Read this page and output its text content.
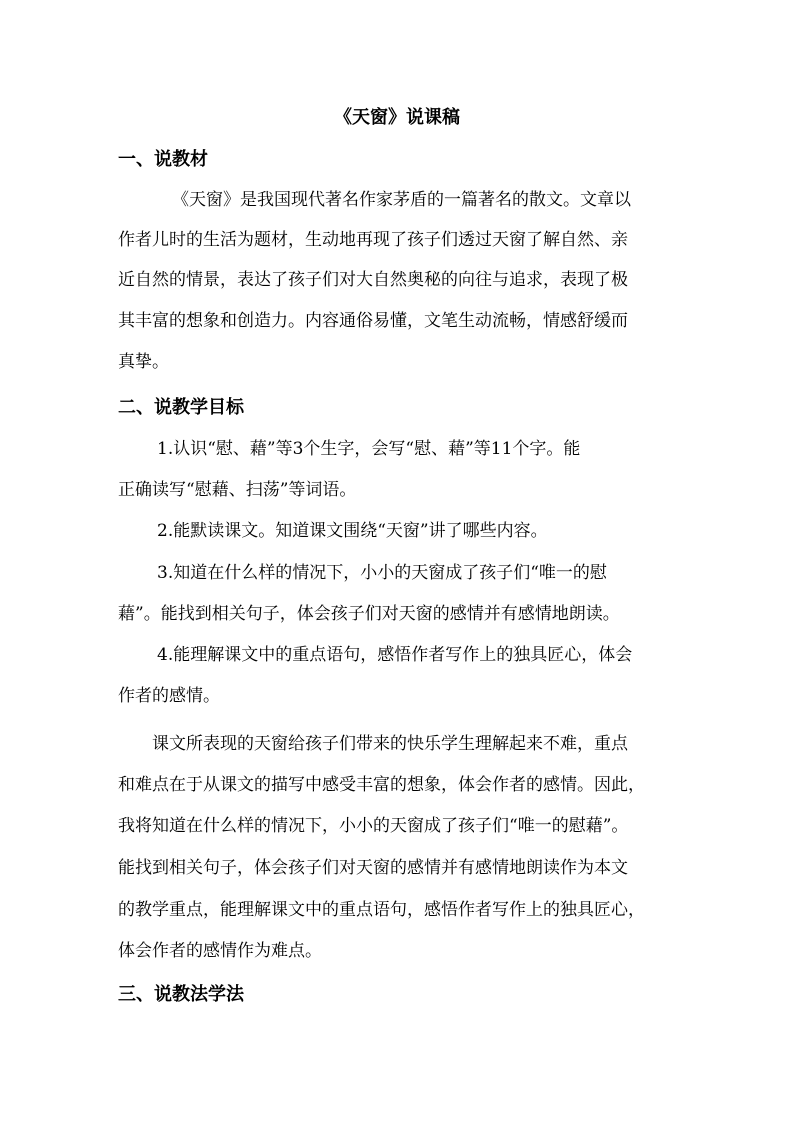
《天窗》说课稿
一、说教材
《天窗》是我国现代著名作家茅盾的一篇著名的散文。文章以
作者儿时的生活为题材，生动地再现了孩子们透过天窗了解自然、亲
近自然的情景，表达了孩子们对大自然奥秘的向往与追求，表现了极
其丰富的想象和创造力。内容通俗易懂，文笔生动流畅，情感舒缓而
真挚。
二、说教学目标
1.认识“慰、藉”等3个生字，会写“慰、藉”等11个字。能
正确读写“慰藉、扫荡”等词语。
2.能默读课文。知道课文围绕“天窗”讲了哪些内容。
3.知道在什么样的情况下，小小的天窗成了孩子们“唯一的慰
藉”。能找到相关句子，体会孩子们对天窗的感情并有感情地朗读。
4.能理解课文中的重点语句，感悟作者写作上的独具匠心，体会
作者的感情。
课文所表现的天窗给孩子们带来的快乐学生理解起来不难，重点
和难点在于从课文的描写中感受丰富的想象，体会作者的感情。因此，
我将知道在什么样的情况下，小小的天窗成了孩子们“唯一的慰藉”。
能找到相关句子，体会孩子们对天窗的感情并有感情地朗读作为本文
的教学重点，能理解课文中的重点语句，感悟作者写作上的独具匠心，
体会作者的感情作为难点。
三、说教法学法
